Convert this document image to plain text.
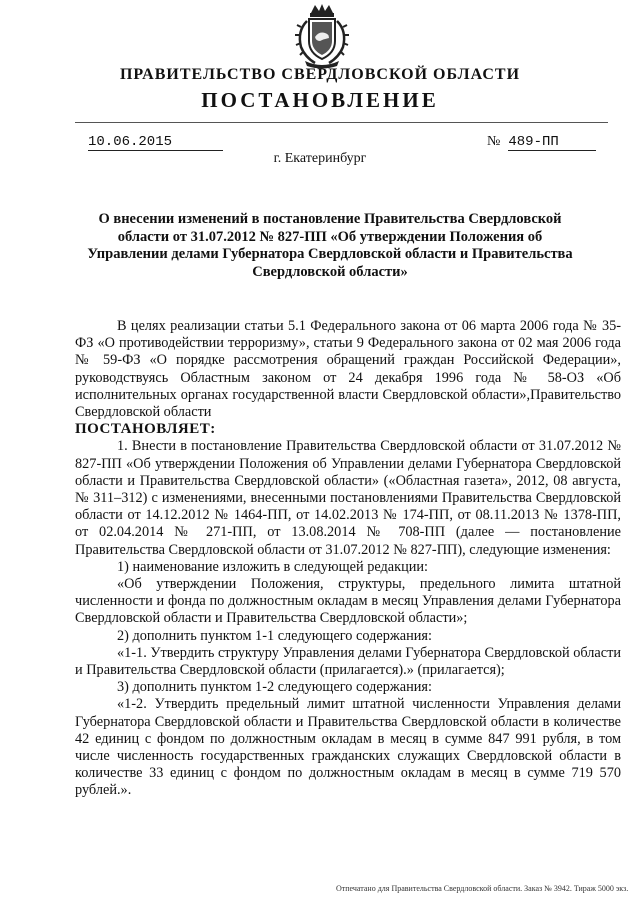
ПРАВИТЕЛЬСТВО СВЕРДЛОВСКОЙ ОБЛАСТИ
ПОСТАНОВЛЕНИЕ
10.06.2015	№ 489-ПП
г. Екатеринбург
О внесении изменений в постановление Правительства Свердловской области от 31.07.2012 № 827-ПП «Об утверждении Положения об Управлении делами Губернатора Свердловской области и Правительства Свердловской области»

В целях реализации статьи 5.1 Федерального закона от 06 марта 2006 года № 35-ФЗ «О противодействии терроризму», статьи 9 Федерального закона от 02 мая 2006 года № 59-ФЗ «О порядке рассмотрения обращений граждан Российской Федерации», руководствуясь Областным законом от 24 декабря 1996 года № 58-ОЗ «Об исполнительных органах государственной власти Свердловской области»,Правительство Свердловской области

ПОСТАНОВЛЯЕТ:

1. Внести в постановление Правительства Свердловской области от 31.07.2012 № 827-ПП «Об утверждении Положения об Управлении делами Губернатора Свердловской области и Правительства Свердловской области» («Областная газета», 2012, 08 августа, № 311–312) с изменениями, внесенными постановлениями Правительства Свердловской области от 14.12.2012 № 1464-ПП, от 14.02.2013 № 174-ПП, от 08.11.2013 № 1378-ПП, от 02.04.2014 № 271-ПП, от 13.08.2014 № 708-ПП (далее — постановление Правительства Свердловской области от 31.07.2012 № 827-ПП), следующие изменения:

1) наименование изложить в следующей редакции:

«Об утверждении Положения, структуры, предельного лимита штатной численности и фонда по должностным окладам в месяц Управления делами Губернатора Свердловской области и Правительства Свердловской области»;

2) дополнить пунктом 1-1 следующего содержания:

«1-1. Утвердить структуру Управления делами Губернатора Свердловской области и Правительства Свердловской области (прилагается).» (прилагается);

3) дополнить пунктом 1-2 следующего содержания:

«1-2. Утвердить предельный лимит штатной численности Управления делами Губернатора Свердловской области и Правительства Свердловской области в количестве 42 единиц с фондом по должностным окладам в месяц в сумме 847 991 рубля, в том числе численность государственных гражданских служащих Свердловской области в количестве 33 единиц с фондом по должностным окладам в месяц в сумме 719 570 рублей.».

Отпечатано для Правительства Свердловской области. Заказ № 3942. Тираж 5000 экз.
